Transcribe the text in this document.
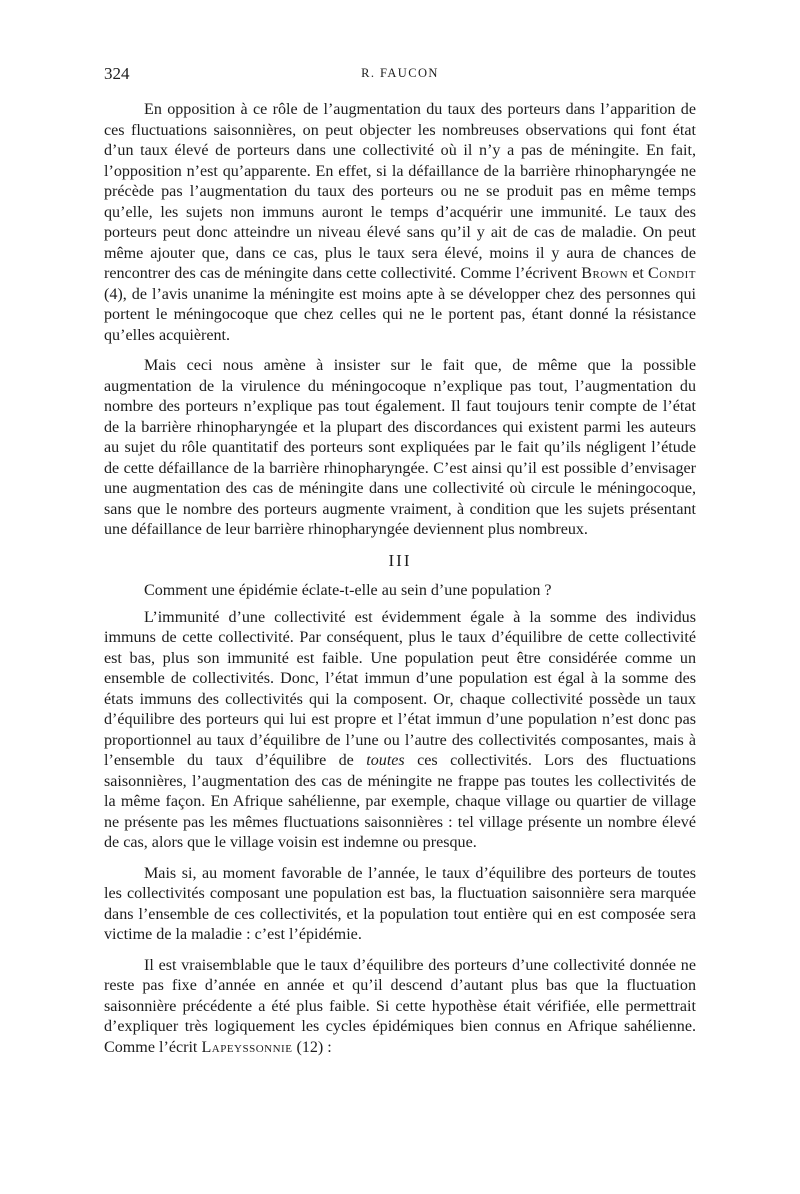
324	R. FAUCON

En opposition à ce rôle de l’augmentation du taux des porteurs dans l’apparition de ces fluctuations saisonnières, on peut objecter les nombreuses observations qui font état d’un taux élevé de porteurs dans une collectivité où il n’y a pas de méningite. En fait, l’opposition n’est qu’apparente. En effet, si la défaillance de la barrière rhinopharyngée ne précède pas l’augmentation du taux des porteurs ou ne se produit pas en même temps qu’elle, les sujets non immuns auront le temps d’acquérir une immunité. Le taux des porteurs peut donc atteindre un niveau élevé sans qu’il y ait de cas de maladie. On peut même ajouter que, dans ce cas, plus le taux sera élevé, moins il y aura de chances de rencontrer des cas de méningite dans cette collectivité. Comme l’écrivent Brown et Condit (4), de l’avis unanime la méningite est moins apte à se développer chez des personnes qui portent le méningocoque que chez celles qui ne le portent pas, étant donné la résistance qu’elles acquièrent.

Mais ceci nous amène à insister sur le fait que, de même que la possible augmentation de la virulence du méningocoque n’explique pas tout, l’augmentation du nombre des porteurs n’explique pas tout également. Il faut toujours tenir compte de l’état de la barrière rhinopharyngée et la plupart des discordances qui existent parmi les auteurs au sujet du rôle quantitatif des porteurs sont expliquées par le fait qu’ils négligent l’étude de cette défaillance de la barrière rhinopharyngée. C’est ainsi qu’il est possible d’envisager une augmentation des cas de méningite dans une collectivité où circule le méningocoque, sans que le nombre des porteurs augmente vraiment, à condition que les sujets présentant une défaillance de leur barrière rhinopharyngée deviennent plus nombreux.

III

Comment une épidémie éclate-t-elle au sein d’une population ?

L’immunité d’une collectivité est évidemment égale à la somme des individus immuns de cette collectivité. Par conséquent, plus le taux d’équilibre de cette collectivité est bas, plus son immunité est faible. Une population peut être considérée comme un ensemble de collectivités. Donc, l’état immun d’une population est égal à la somme des états immuns des collectivités qui la composent. Or, chaque collectivité possède un taux d’équilibre des porteurs qui lui est propre et l’état immun d’une population n’est donc pas proportionnel au taux d’équilibre de l’une ou l’autre des collectivités composantes, mais à l’ensemble du taux d’équilibre de toutes ces collectivités. Lors des fluctuations saisonnières, l’augmentation des cas de méningite ne frappe pas toutes les collectivités de la même façon. En Afrique sahélienne, par exemple, chaque village ou quartier de village ne présente pas les mêmes fluctuations saisonnières : tel village présente un nombre élevé de cas, alors que le village voisin est indemne ou presque.

Mais si, au moment favorable de l’année, le taux d’équilibre des porteurs de toutes les collectivités composant une population est bas, la fluctuation saisonnière sera marquée dans l’ensemble de ces collectivités, et la population tout entière qui en est composée sera victime de la maladie : c’est l’épidémie.

Il est vraisemblable que le taux d’équilibre des porteurs d’une collectivité donnée ne reste pas fixe d’année en année et qu’il descend d’autant plus bas que la fluctuation saisonnière précédente a été plus faible. Si cette hypothèse était vérifiée, elle permettrait d’expliquer très logiquement les cycles épidémiques bien connus en Afrique sahélienne. Comme l’écrit Lapeyssonnie (12) :
